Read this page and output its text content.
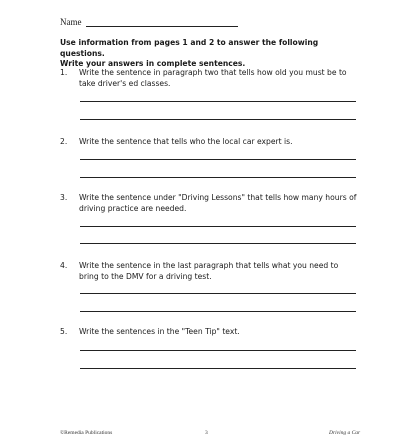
Name
Use information from pages 1 and 2 to answer the following questions.
Write your answers in complete sentences.
1. Write the sentence in paragraph two that tells how old you must be to take driver's ed classes.
2. Write the sentence that tells who the local car expert is.
3. Write the sentence under "Driving Lessons" that tells how many hours of driving practice are needed.
4. Write the sentence in the last paragraph that tells what you need to bring to the DMV for a driving test.
5. Write the sentences in the "Teen Tip" text.
©Remedia Publications	3	Driving a Car
